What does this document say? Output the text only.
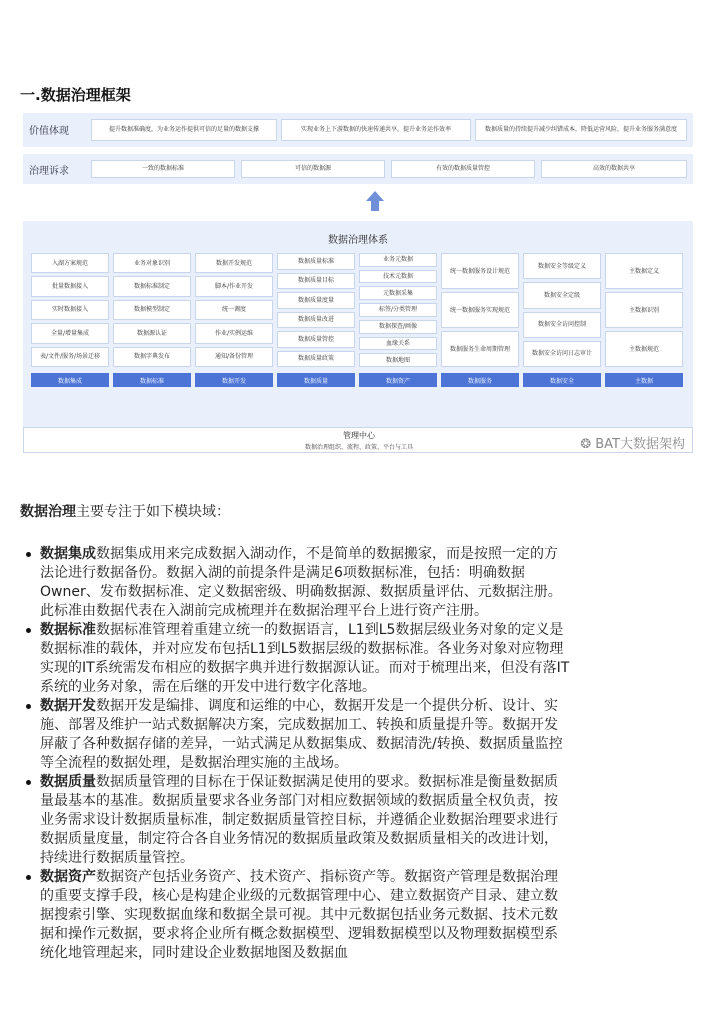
一.数据治理框架
价值体现	提升数据准确度，为业务运作提供可信的足量的数据支撑	实现业务上下游数据的快速传递共享，提升业务运作效率	数据质量的持续提升减少纠错成本，降低运营风险，提升业务服务满意度
治理诉求	一致的数据标准	可信的数据源	有效的数据质量管控	高效的数据共享
数据治理体系
入湖方案规范
批量数据接入
实时数据接入
全量/增量集成
表/文件/服务/场景迁移
数据集成
业务对象识别
数据标准制定
数据模型制定
数据源认证
数据字典发布
数据标准
数据开发规范
脚本/作业开发
统一调度
作业/实例运维
通知/备份管理
数据开发
数据质量标准
数据质量目标
数据质量度量
数据质量改进
数据质量管控
数据质量政策
数据质量
业务元数据
技术元数据
元数据采集
标签/分类管理
数据探查/画像
血缘关系
数据地图
数据资产
统一数据服务设计规范
统一数据服务实现规范
数据服务生命周期管理
数据服务
数据安全等级定义
数据安全定级
数据安全访问控制
数据安全访问日志审计
数据安全
主数据定义
主数据识别
主数据规范
主数据
管理中心
数据治理组织、流程、政策、平台与工具	❂ BAT大数据架构
数据治理主要专注于如下模块域：
数据集成数据集成用来完成数据入湖动作，不是简单的数据搬家，而是按照一定的方法论进行数据备份。数据入湖的前提条件是满足6项数据标准，包括：明确数据Owner、发布数据标准、定义数据密级、明确数据源、数据质量评估、元数据注册。此标准由数据代表在入湖前完成梳理并在数据治理平台上进行资产注册。
数据标准数据标准管理着重建立统一的数据语言，L1到L5数据层级业务对象的定义是数据标准的载体，并对应发布包括L1到L5数据层级的数据标准。各业务对象对应物理实现的IT系统需发布相应的数据字典并进行数据源认证。而对于梳理出来，但没有落IT系统的业务对象，需在后继的开发中进行数字化落地。
数据开发数据开发是编排、调度和运维的中心，数据开发是一个提供分析、设计、实施、部署及维护一站式数据解决方案，完成数据加工、转换和质量提升等。数据开发屏蔽了各种数据存储的差异，一站式满足从数据集成、数据清洗/转换、数据质量监控等全流程的数据处理，是数据治理实施的主战场。
数据质量数据质量管理的目标在于保证数据满足使用的要求。数据标准是衡量数据质量最基本的基准。数据质量要求各业务部门对相应数据领域的数据质量全权负责，按业务需求设计数据质量标准，制定数据质量管控目标，并遵循企业数据治理要求进行数据质量度量，制定符合各自业务情况的数据质量政策及数据质量相关的改进计划，持续进行数据质量管控。
数据资产数据资产包括业务资产、技术资产、指标资产等。数据资产管理是数据治理的重要支撑手段，核心是构建企业级的元数据管理中心、建立数据资产目录、建立数据搜索引擎、实现数据血缘和数据全景可视。其中元数据包括业务元数据、技术元数据和操作元数据，要求将企业所有概念数据模型、逻辑数据模型以及物理数据模型系统化地管理起来，同时建设企业数据地图及数据血
